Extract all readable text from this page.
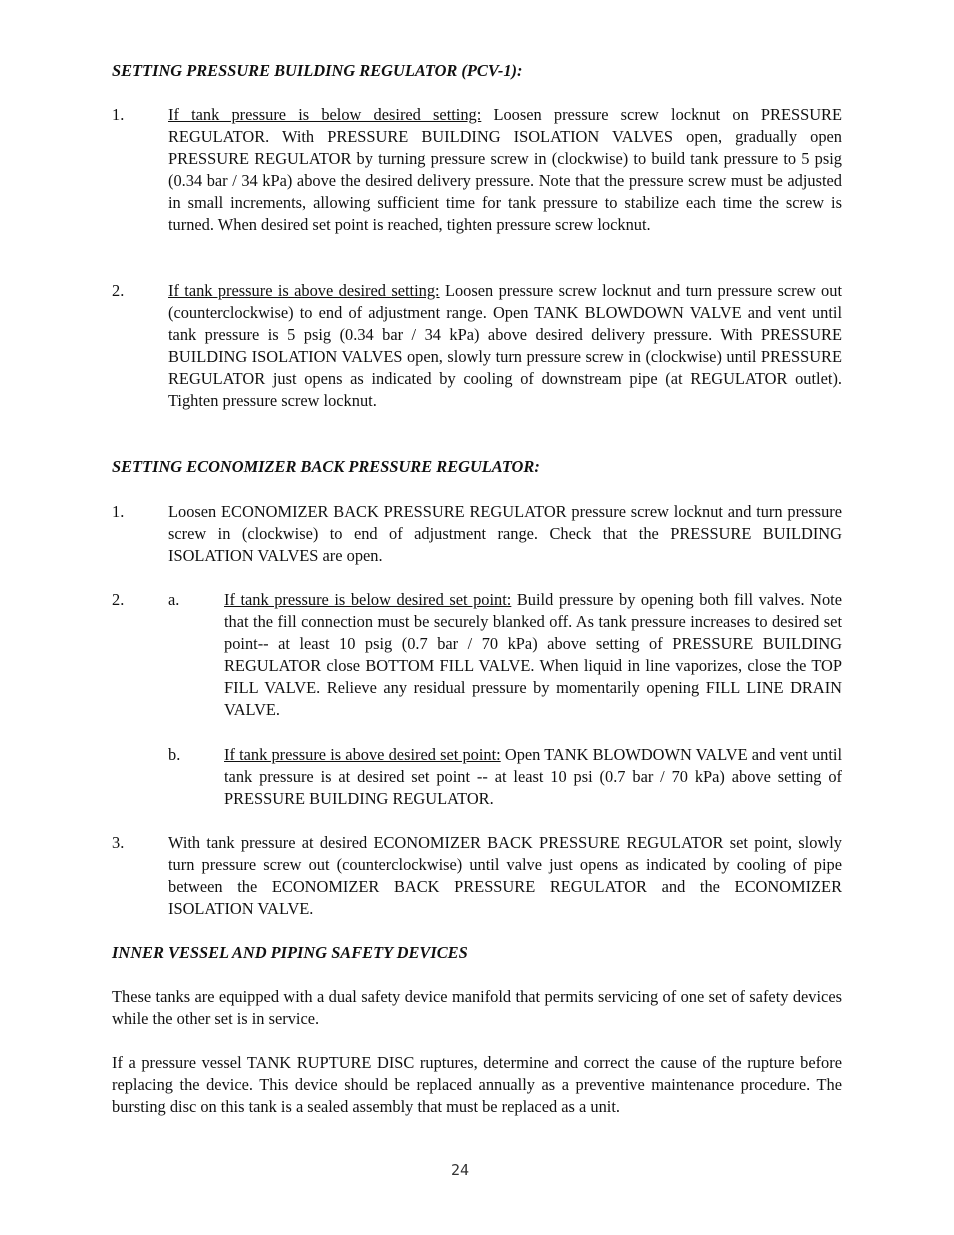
SETTING PRESSURE BUILDING REGULATOR (PCV-1):

1.	If tank pressure is below desired setting: Loosen pressure screw locknut on PRESSURE REGULATOR. With PRESSURE BUILDING ISOLATION VALVES open, gradually open PRESSURE REGULATOR by turning pressure screw in (clockwise) to build tank pressure to 5 psig (0.34 bar / 34 kPa) above the desired delivery pressure. Note that the pressure screw must be adjusted in small increments, allowing sufficient time for tank pressure to stabilize each time the screw is turned. When desired set point is reached, tighten pressure screw locknut.
2.	If tank pressure is above desired setting: Loosen pressure screw locknut and turn pressure screw out (counterclockwise) to end of adjustment range. Open TANK BLOWDOWN VALVE and vent until tank pressure is 5 psig (0.34 bar / 34 kPa) above desired delivery pressure. With PRESSURE BUILDING ISOLATION VALVES open, slowly turn pressure screw in (clockwise) until PRESSURE REGULATOR just opens as indicated by cooling of downstream pipe (at REGULATOR outlet). Tighten pressure screw locknut.

SETTING ECONOMIZER BACK PRESSURE REGULATOR:

1.	Loosen ECONOMIZER BACK PRESSURE REGULATOR pressure screw locknut and turn pressure screw in (clockwise) to end of adjustment range. Check that the PRESSURE BUILDING ISOLATION VALVES are open.
2.	a.	If tank pressure is below desired set point: Build pressure by opening both fill valves. Note that the fill connection must be securely blanked off. As tank pressure increases to desired set point-- at least 10 psig (0.7 bar / 70 kPa) above setting of PRESSURE BUILDING REGULATOR close BOTTOM FILL VALVE. When liquid in line vaporizes, close the TOP FILL VALVE. Relieve any residual pressure by momentarily opening FILL LINE DRAIN VALVE.
b.	If tank pressure is above desired set point: Open TANK BLOWDOWN VALVE and vent until tank pressure is at desired set point -- at least 10 psi (0.7 bar / 70 kPa) above setting of PRESSURE BUILDING REGULATOR.
3.	With tank pressure at desired ECONOMIZER BACK PRESSURE REGULATOR set point, slowly turn pressure screw out (counterclockwise) until valve just opens as indicated by cooling of pipe between the ECONOMIZER BACK PRESSURE REGULATOR and the ECONOMIZER ISOLATION VALVE.

INNER VESSEL AND PIPING SAFETY DEVICES

These tanks are equipped with a dual safety device manifold that permits servicing of one set of safety devices while the other set is in service.

If a pressure vessel TANK RUPTURE DISC ruptures, determine and correct the cause of the rupture before replacing the device. This device should be replaced annually as a preventive maintenance procedure. The bursting disc on this tank is a sealed assembly that must be replaced as a unit.

24
